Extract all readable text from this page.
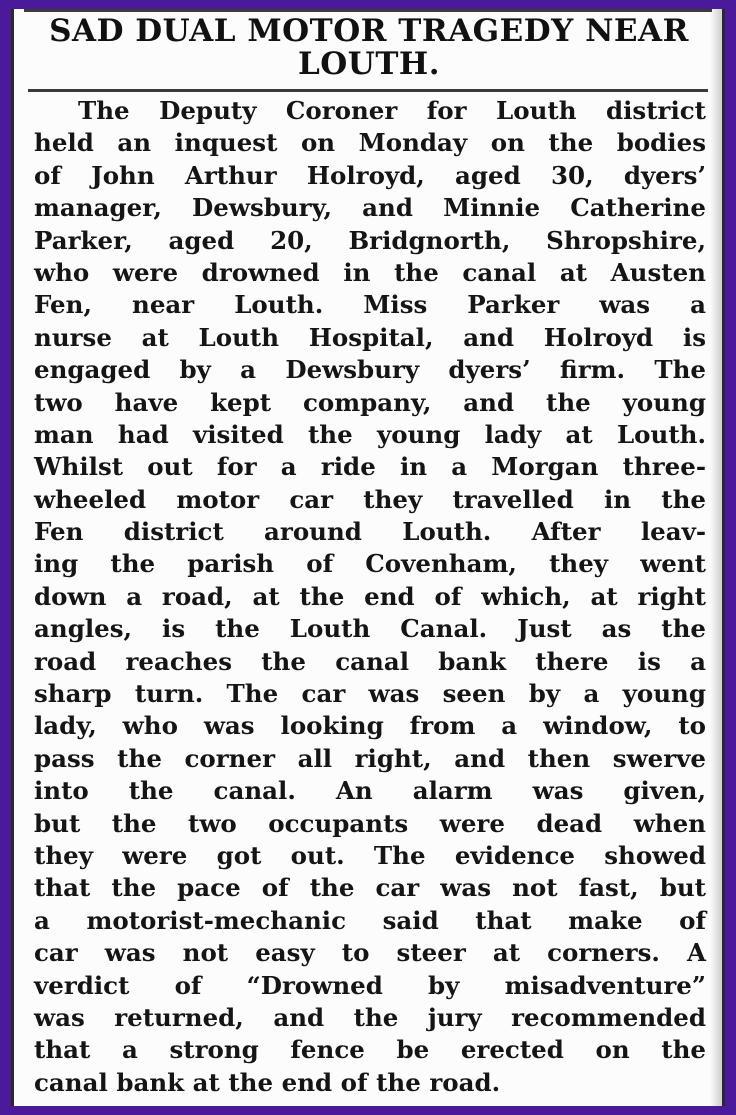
SAD DUAL MOTOR TRAGEDY NEAR
LOUTH.
The Deputy Coroner for Louth district
held an inquest on Monday on the bodies
of John Arthur Holroyd, aged 30, dyers’
manager, Dewsbury, and Minnie Catherine
Parker, aged 20, Bridgnorth, Shropshire,
who were drowned in the canal at Austen
Fen, near Louth. Miss Parker was a
nurse at Louth Hospital, and Holroyd is
engaged by a Dewsbury dyers’ firm. The
two have kept company, and the young
man had visited the young lady at Louth.
Whilst out for a ride in a Morgan three-
wheeled motor car they travelled in the
Fen district around Louth. After leav-
ing the parish of Covenham, they went
down a road, at the end of which, at right
angles, is the Louth Canal. Just as the
road reaches the canal bank there is a
sharp turn. The car was seen by a young
lady, who was looking from a window, to
pass the corner all right, and then swerve
into the canal. An alarm was given,
but the two occupants were dead when
they were got out. The evidence showed
that the pace of the car was not fast, but
a motorist-mechanic said that make of
car was not easy to steer at corners. A
verdict of “Drowned by misadventure”
was returned, and the jury recommended
that a strong fence be erected on the
canal bank at the end of the road.
